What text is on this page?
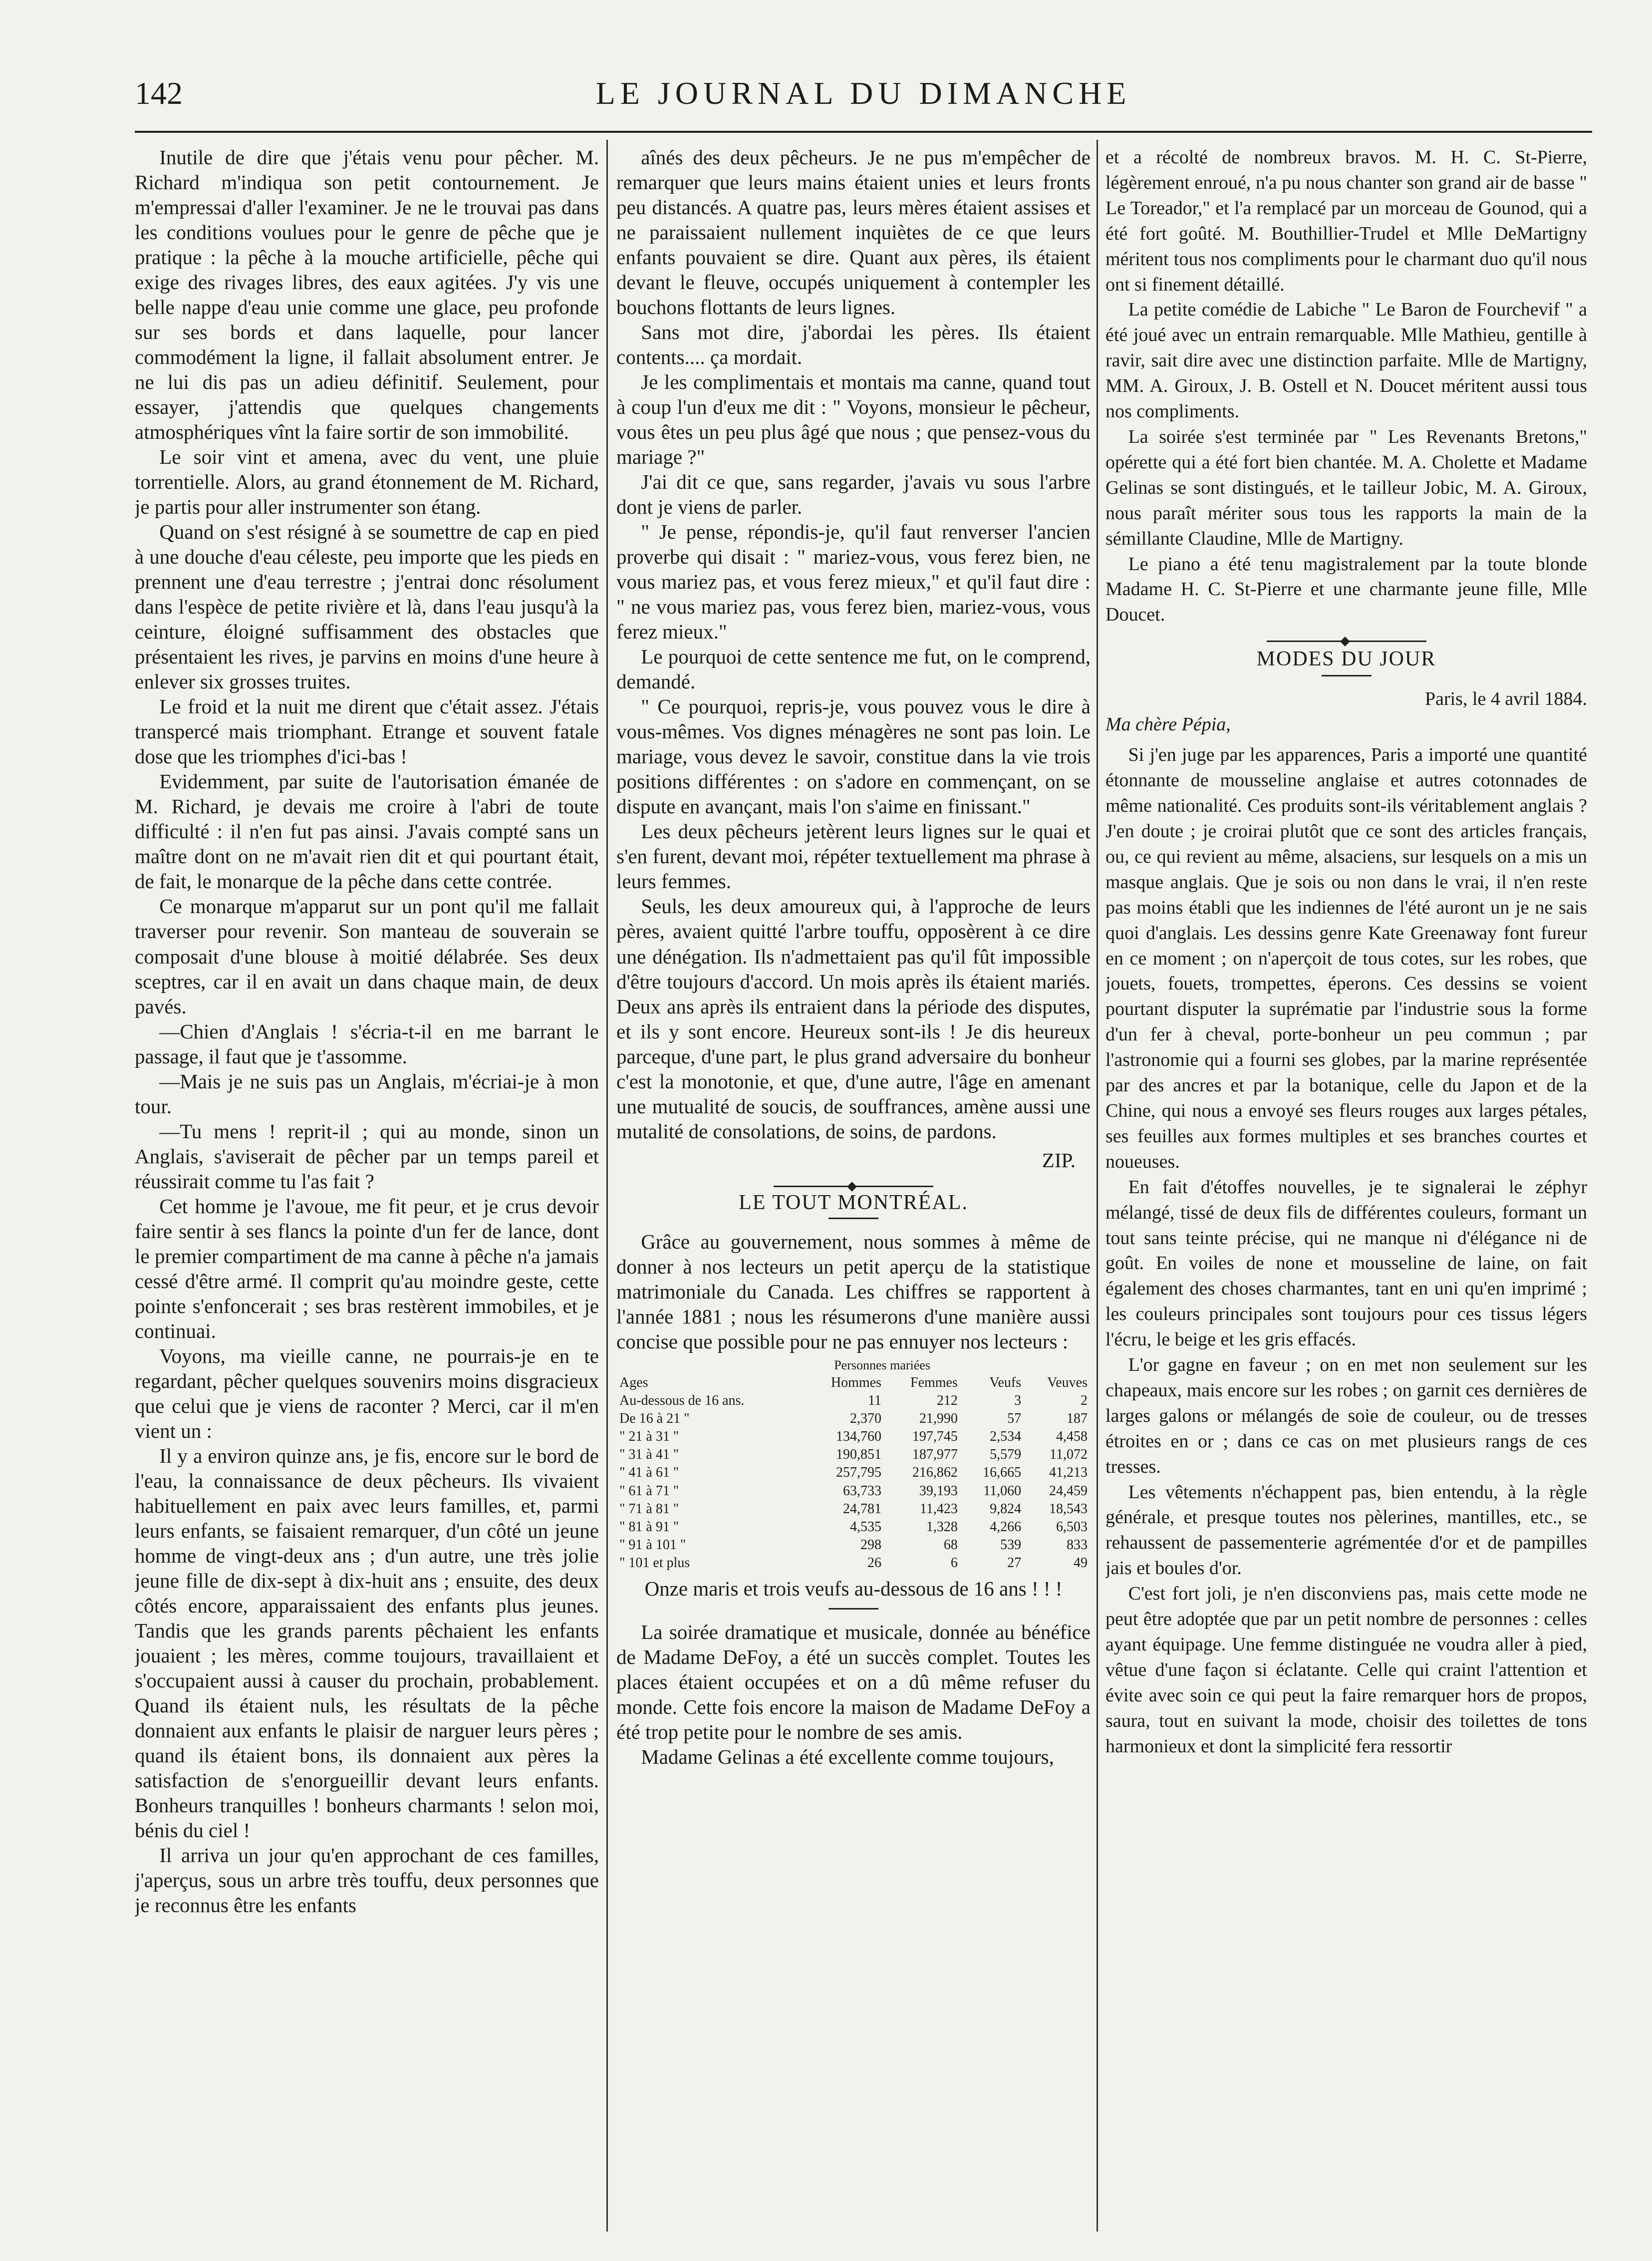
142	LE JOURNAL DU DIMANCHE

Inutile de dire que j'étais venu pour pêcher. M. Richard m'indiqua son petit contournement. Je m'empressai d'aller l'examiner. Je ne le trouvai pas dans les conditions voulues pour le genre de pêche que je pratique : la pêche à la mouche artificielle, pêche qui exige des rivages libres, des eaux agitées. J'y vis une belle nappe d'eau unie comme une glace, peu profonde sur ses bords et dans laquelle, pour lancer commodément la ligne, il fallait absolument entrer. Je ne lui dis pas un adieu définitif. Seulement, pour essayer, j'attendis que quelques changements atmosphériques vînt la faire sortir de son immobilité.

Le soir vint et amena, avec du vent, une pluie torrentielle. Alors, au grand étonnement de M. Richard, je partis pour aller instrumenter son étang.

Quand on s'est résigné à se soumettre de cap en pied à une douche d'eau céleste, peu importe que les pieds en prennent une d'eau terrestre ; j'entrai donc résolument dans l'espèce de petite rivière et là, dans l'eau jusqu'à la ceinture, éloigné suffisamment des obstacles que présentaient les rives, je parvins en moins d'une heure à enlever six grosses truites.

Le froid et la nuit me dirent que c'était assez. J'étais transpercé mais triomphant. Etrange et souvent fatale dose que les triomphes d'ici-bas !

Evidemment, par suite de l'autorisation émanée de M. Richard, je devais me croire à l'abri de toute difficulté : il n'en fut pas ainsi. J'avais compté sans un maître dont on ne m'avait rien dit et qui pourtant était, de fait, le monarque de la pêche dans cette contrée.

Ce monarque m'apparut sur un pont qu'il me fallait traverser pour revenir. Son manteau de souverain se composait d'une blouse à moitié délabrée. Ses deux sceptres, car il en avait un dans chaque main, de deux pavés.

—Chien d'Anglais ! s'écria-t-il en me barrant le passage, il faut que je t'assomme.

—Mais je ne suis pas un Anglais, m'écriai-je à mon tour.

—Tu mens ! reprit-il ; qui au monde, sinon un Anglais, s'aviserait de pêcher par un temps pareil et réussirait comme tu l'as fait ?

Cet homme je l'avoue, me fit peur, et je crus devoir faire sentir à ses flancs la pointe d'un fer de lance, dont le premier compartiment de ma canne à pêche n'a jamais cessé d'être armé. Il comprit qu'au moindre geste, cette pointe s'enfoncerait ; ses bras restèrent immobiles, et je continuai.

Voyons, ma vieille canne, ne pourrais-je en te regardant, pêcher quelques souvenirs moins disgracieux que celui que je viens de raconter ? Merci, car il m'en vient un :

Il y a environ quinze ans, je fis, encore sur le bord de l'eau, la connaissance de deux pêcheurs. Ils vivaient habituellement en paix avec leurs familles, et, parmi leurs enfants, se faisaient remarquer, d'un côté un jeune homme de vingt-deux ans ; d'un autre, une très jolie jeune fille de dix-sept à dix-huit ans ; ensuite, des deux côtés encore, apparaissaient des enfants plus jeunes. Tandis que les grands parents pêchaient les enfants jouaient ; les mères, comme toujours, travaillaient et s'occupaient aussi à causer du prochain, probablement. Quand ils étaient nuls, les résultats de la pêche donnaient aux enfants le plaisir de narguer leurs pères ; quand ils étaient bons, ils donnaient aux pères la satisfaction de s'enorgueillir devant leurs enfants. Bonheurs tranquilles ! bonheurs charmants ! selon moi, bénis du ciel !

Il arriva un jour qu'en approchant de ces familles, j'aperçus, sous un arbre très touffu, deux personnes que je reconnus être les enfants

aînés des deux pêcheurs. Je ne pus m'empêcher de remarquer que leurs mains étaient unies et leurs fronts peu distancés. A quatre pas, leurs mères étaient assises et ne paraissaient nullement inquiètes de ce que leurs enfants pouvaient se dire. Quant aux pères, ils étaient devant le fleuve, occupés uniquement à contempler les bouchons flottants de leurs lignes.

Sans mot dire, j'abordai les pères. Ils étaient contents.... ça mordait.

Je les complimentais et montais ma canne, quand tout à coup l'un d'eux me dit : " Voyons, monsieur le pêcheur, vous êtes un peu plus âgé que nous ; que pensez-vous du mariage ?"

J'ai dit ce que, sans regarder, j'avais vu sous l'arbre dont je viens de parler.

" Je pense, répondis-je, qu'il faut renverser l'ancien proverbe qui disait : " mariez-vous, vous ferez bien, ne vous mariez pas, et vous ferez mieux," et qu'il faut dire : " ne vous mariez pas, vous ferez bien, mariez-vous, vous ferez mieux."

Le pourquoi de cette sentence me fut, on le comprend, demandé.

" Ce pourquoi, repris-je, vous pouvez vous le dire à vous-mêmes. Vos dignes ménagères ne sont pas loin. Le mariage, vous devez le savoir, constitue dans la vie trois positions différentes : on s'adore en commençant, on se dispute en avançant, mais l'on s'aime en finissant."

Les deux pêcheurs jetèrent leurs lignes sur le quai et s'en furent, devant moi, répéter textuellement ma phrase à leurs femmes.

Seuls, les deux amoureux qui, à l'approche de leurs pères, avaient quitté l'arbre touffu, opposèrent à ce dire une dénégation. Ils n'admettaient pas qu'il fût impossible d'être toujours d'accord. Un mois après ils étaient mariés. Deux ans après ils entraient dans la période des disputes, et ils y sont encore. Heureux sont-ils ! Je dis heureux parceque, d'une part, le plus grand adversaire du bonheur c'est la monotonie, et que, d'une autre, l'âge en amenant une mutualité de soucis, de souffrances, amène aussi une mutalité de consolations, de soins, de pardons.

ZIP.

LE TOUT MONTRÉAL.

Grâce au gouvernement, nous sommes à même de donner à nos lecteurs un petit aperçu de la statistique matrimoniale du Canada. Les chiffres se rapportent à l'année 1881 ; nous les résumerons d'une manière aussi concise que possible pour ne pas ennuyer nos lecteurs :

	Personnes mariées			
Ages	Hommes	Femmes	Veufs	Veuves
Au-dessous de 16 ans.	11	212	3	2
De 16 à 21 "	2,370	21,990	57	187
" 21 à 31 "	134,760	197,745	2,534	4,458
" 31 à 41 "	190,851	187,977	5,579	11,072
" 41 à 61 "	257,795	216,862	16,665	41,213
" 61 à 71 "	63,733	39,193	11,060	24,459
" 71 à 81 "	24,781	11,423	9,824	18,543
" 81 à 91 "	4,535	1,328	4,266	6,503
" 91 à 101 "	298	68	539	833
" 101 et plus	26	6	27	49

Onze maris et trois veufs au-dessous de 16 ans ! ! !

La soirée dramatique et musicale, donnée au bénéfice de Madame DeFoy, a été un succès complet. Toutes les places étaient occupées et on a dû même refuser du monde. Cette fois encore la maison de Madame DeFoy a été trop petite pour le nombre de ses amis.

Madame Gelinas a été excellente comme toujours,

et a récolté de nombreux bravos. M. H. C. St-Pierre, légèrement enroué, n'a pu nous chanter son grand air de basse " Le Toreador," et l'a remplacé par un morceau de Gounod, qui a été fort goûté. M. Bouthillier-Trudel et Mlle DeMartigny méritent tous nos compliments pour le charmant duo qu'il nous ont si finement détaillé.

La petite comédie de Labiche " Le Baron de Fourchevif " a été joué avec un entrain remarquable. Mlle Mathieu, gentille à ravir, sait dire avec une distinction parfaite. Mlle de Martigny, MM. A. Giroux, J. B. Ostell et N. Doucet méritent aussi tous nos compliments.

La soirée s'est terminée par " Les Revenants Bretons," opérette qui a été fort bien chantée. M. A. Cholette et Madame Gelinas se sont distingués, et le tailleur Jobic, M. A. Giroux, nous paraît mériter sous tous les rapports la main de la sémillante Claudine, Mlle de Martigny.

Le piano a été tenu magistralement par la toute blonde Madame H. C. St-Pierre et une charmante jeune fille, Mlle Doucet.

MODES DU JOUR

Paris, le 4 avril 1884.

Ma chère Pépia,

Si j'en juge par les apparences, Paris a importé une quantité étonnante de mousseline anglaise et autres cotonnades de même nationalité. Ces produits sont-ils véritablement anglais ? J'en doute ; je croirai plutôt que ce sont des articles français, ou, ce qui revient au même, alsaciens, sur lesquels on a mis un masque anglais. Que je sois ou non dans le vrai, il n'en reste pas moins établi que les indiennes de l'été auront un je ne sais quoi d'anglais. Les dessins genre Kate Greenaway font fureur en ce moment ; on n'aperçoit de tous cotes, sur les robes, que jouets, fouets, trompettes, éperons. Ces dessins se voient pourtant disputer la suprématie par l'industrie sous la forme d'un fer à cheval, porte-bonheur un peu commun ; par l'astronomie qui a fourni ses globes, par la marine représentée par des ancres et par la botanique, celle du Japon et de la Chine, qui nous a envoyé ses fleurs rouges aux larges pétales, ses feuilles aux formes multiples et ses branches courtes et noueuses.

En fait d'étoffes nouvelles, je te signalerai le zéphyr mélangé, tissé de deux fils de différentes couleurs, formant un tout sans teinte précise, qui ne manque ni d'élégance ni de goût. En voiles de none et mousseline de laine, on fait également des choses charmantes, tant en uni qu'en imprimé ; les couleurs principales sont toujours pour ces tissus légers l'écru, le beige et les gris effacés.

L'or gagne en faveur ; on en met non seulement sur les chapeaux, mais encore sur les robes ; on garnit ces dernières de larges galons or mélangés de soie de couleur, ou de tresses étroites en or ; dans ce cas on met plusieurs rangs de ces tresses.

Les vêtements n'échappent pas, bien entendu, à la règle générale, et presque toutes nos pèlerines, mantilles, etc., se rehaussent de passementerie agrémentée d'or et de pampilles jais et boules d'or.

C'est fort joli, je n'en disconviens pas, mais cette mode ne peut être adoptée que par un petit nombre de personnes : celles ayant équipage. Une femme distinguée ne voudra aller à pied, vêtue d'une façon si éclatante. Celle qui craint l'attention et évite avec soin ce qui peut la faire remarquer hors de propos, saura, tout en suivant la mode, choisir des toilettes de tons harmonieux et dont la simplicité fera ressortir
